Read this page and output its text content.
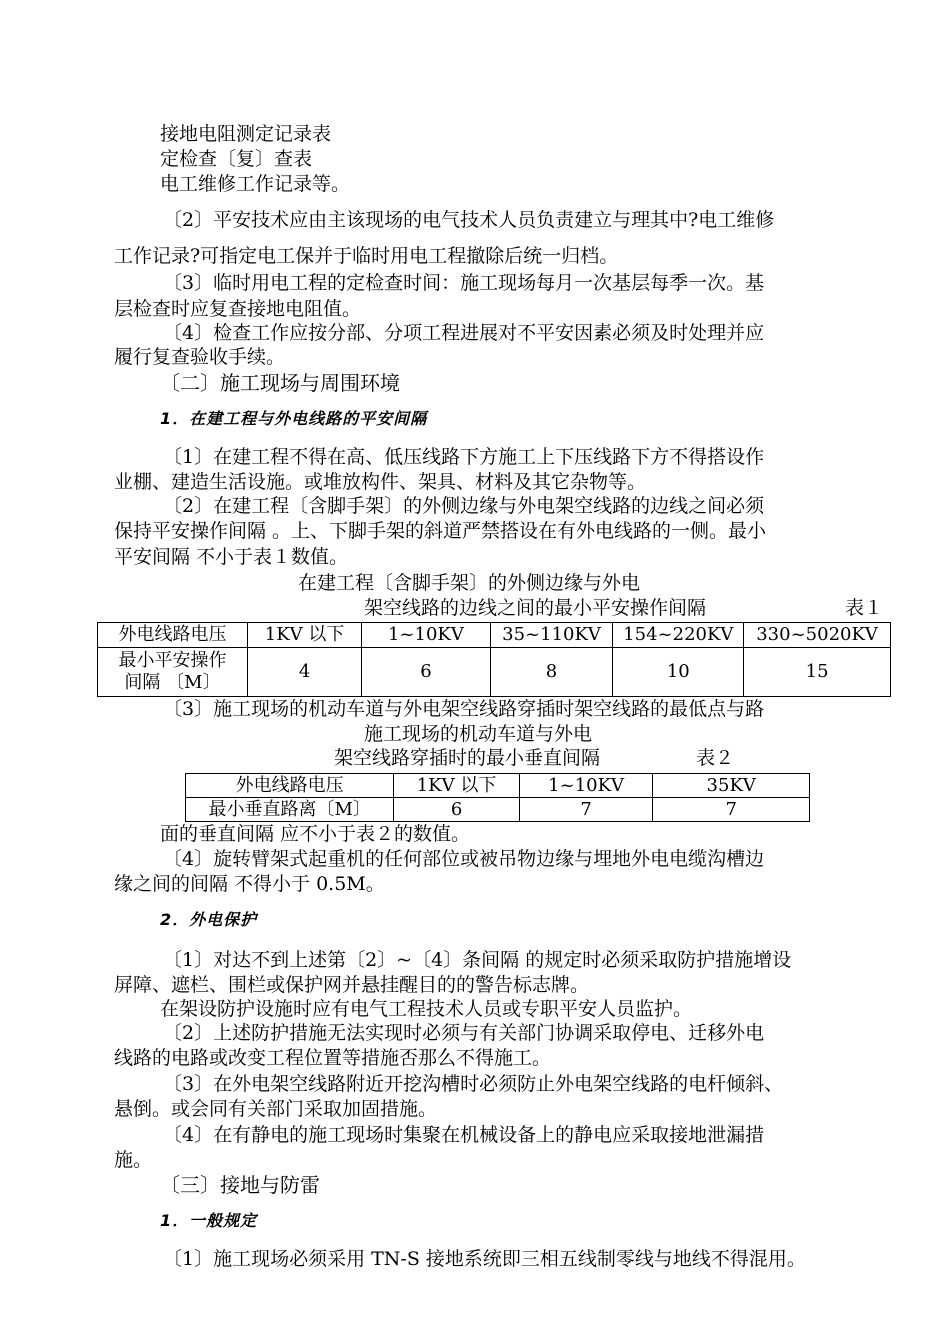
接地电阻测定记录表
定检查〔复〕查表
电工维修工作记录等。
〔2〕平安技术应由主该现场的电气技术人员负责建立与理其中?电工维修
工作记录?可指定电工保并于临时用电工程撤除后统一归档。
〔3〕临时用电工程的定检查时间：施工现场每月一次基层每季一次。基
层检查时应复查接地电阻值。
〔4〕检查工作应按分部、分项工程进展对不平安因素必须及时处理并应
履行复查验收手续。
〔二〕施工现场与周围环境
1．在建工程与外电线路的平安间隔
〔1〕在建工程不得在高、低压线路下方施工上下压线路下方不得搭设作
业棚、建造生活设施。或堆放构件、架具、材料及其它杂物等。
〔2〕在建工程〔含脚手架〕的外侧边缘与外电架空线路的边线之间必须
保持平安操作间隔 。上、下脚手架的斜道严禁搭设在有外电线路的一侧。最小
平安间隔 不小于表１数值。
在建工程〔含脚手架〕的外侧边缘与外电
架空线路的边线之间的最小平安操作间隔	表１
外电线路电压	1KV 以下	1~10KV	35~110KV	154~220KV	330~5020KV

最小平安操作
间隔 〔M〕	4	6	8	10	15
〔3〕施工现场的机动车道与外电架空线路穿插时架空线路的最低点与路
施工现场的机动车道与外电
架空线路穿插时的最小垂直间隔	表２
外电线路电压	1KV 以下	1~10KV	35KV
最小垂直路离〔M〕	6	7	7
面的垂直间隔 应不小于表２的数值。
〔4〕旋转臂架式起重机的任何部位或被吊物边缘与埋地外电电缆沟槽边
缘之间的间隔 不得小于 0.5M。
2．外电保护
〔1〕对达不到上述第〔2〕~〔4〕条间隔 的规定时必须采取防护措施增设
屏障、遮栏、围栏或保护网并悬挂醒目的的警告标志牌。
在架设防护设施时应有电气工程技术人员或专职平安人员监护。
〔2〕上述防护措施无法实现时必须与有关部门协调采取停电、迁移外电
线路的电路或改变工程位置等措施否那么不得施工。
〔3〕在外电架空线路附近开挖沟槽时必须防止外电架空线路的电杆倾斜、
悬倒。或会同有关部门采取加固措施。
〔4〕在有静电的施工现场时集聚在机械设备上的静电应采取接地泄漏措
施。
〔三〕接地与防雷
1．一般规定
〔1〕施工现场必须采用 TN-S 接地系统即三相五线制零线与地线不得混用。
